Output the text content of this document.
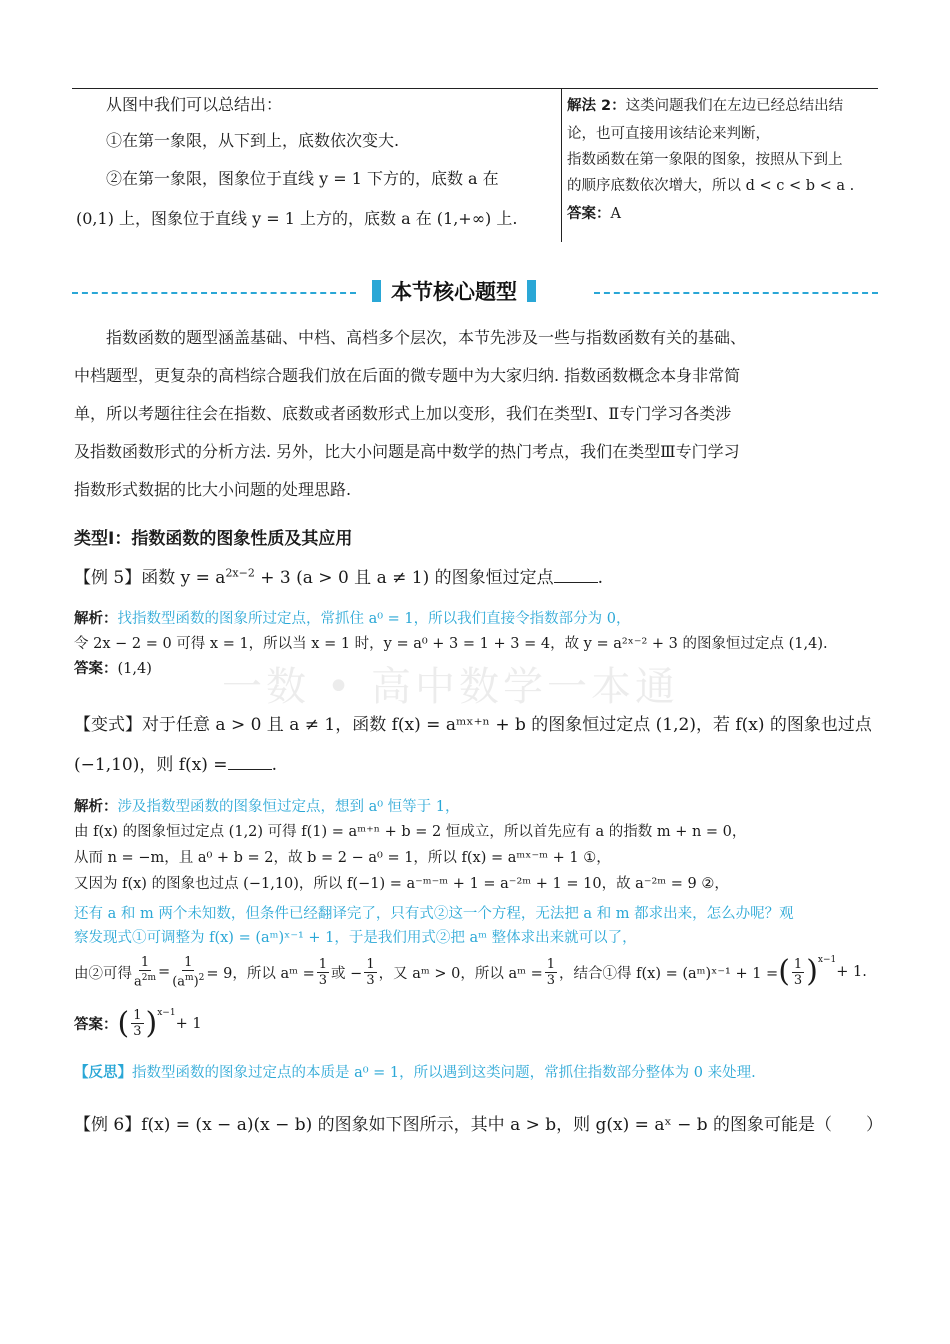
从图中我们可以总结出：
①在第一象限，从下到上，底数依次变大.
②在第一象限，图象位于直线 y = 1 下方的，底数 a 在
(0,1) 上，图象位于直线 y = 1 上方的，底数 a 在 (1,+∞) 上.
解法 2：这类问题我们在左边已经总结出结
论，也可直接用该结论来判断，
指数函数在第一象限的图象，按照从下到上
的顺序底数依次增大，所以 d < c < b < a .
答案：A
本节核心题型
指数函数的题型涵盖基础、中档、高档多个层次，本节先涉及一些与指数函数有关的基础、
中档题型，更复杂的高档综合题我们放在后面的微专题中为大家归纳. 指数函数概念本身非常简
单，所以考题往往会在指数、底数或者函数形式上加以变形，我们在类型Ⅰ、Ⅱ专门学习各类涉
及指数函数形式的分析方法. 另外，比大小问题是高中数学的热门考点，我们在类型Ⅲ专门学习
指数形式数据的比大小问题的处理思路.
类型Ⅰ：指数函数的图象性质及其应用
【例 5】函数 $y = a^{2x-2} + 3$ (a > 0 且 a ≠ 1) 的图象恒过定点	.
解析：找指数型函数的图象所过定点，常抓住 a⁰ = 1，所以我们直接令指数部分为 0，
令 2x − 2 = 0 可得 x = 1，所以当 x = 1 时，y = a⁰ + 3 = 1 + 3 = 4，故 y = a²ˣ⁻² + 3 的图象恒过定点 (1,4).
答案：(1,4) 一数 • 高中数学一本通
【变式】对于任意 a > 0 且 a ≠ 1，函数 f(x) = aᵐˣ⁺ⁿ + b 的图象恒过定点 (1,2)，若 f(x) 的图象也过点
(−1,10)，则 f(x) =	.
解析：涉及指数型函数的图象恒过定点，想到 a⁰ 恒等于 1，
由 f(x) 的图象恒过定点 (1,2) 可得 f(1) = aᵐ⁺ⁿ + b = 2 恒成立，所以首先应有 a 的指数 m + n = 0，
从而 n = −m，且 a⁰ + b = 2，故 b = 2 − a⁰ = 1，所以 f(x) = aᵐˣ⁻ᵐ + 1 ①，
又因为 f(x) 的图象也过点 (−1,10)，所以 f(−1) = a⁻ᵐ⁻ᵐ + 1 = a⁻²ᵐ + 1 = 10，故 a⁻²ᵐ = 9 ②，
还有 a 和 m 两个未知数，但条件已经翻译完了，只有式②这一个方程，无法把 a 和 m 都求出来，怎么办呢？观
察发现式①可调整为 f(x) = (aᵐ)ˣ⁻¹ + 1，于是我们用式②把 aᵐ 整体求出来就可以了，
由②可得 $\frac{1}{a^{2m}} = \frac{1}{(a^m)^2} = 9$，所以 aᵐ = $\frac{1}{3}$ 或 − $\frac{1}{3}$ ，又 aᵐ > 0，所以 aᵐ = $\frac{1}{3}$ ，结合①得 f(x) = (aᵐ)ˣ⁻¹ + 1 = ( $\frac{1}{3} )^{x-1}$
+ 1.
答案： ( $\frac{1}{3} )^{x-1}$
+ 1
【反思】指数型函数的图象过定点的本质是 a⁰ = 1，所以遇到这类问题，常抓住指数部分整体为 0 来处理.
【例 6】f(x) = (x − a)(x − b) 的图象如下图所示，其中 a > b，则 g(x) = aˣ − b 的图象可能是（　　）
